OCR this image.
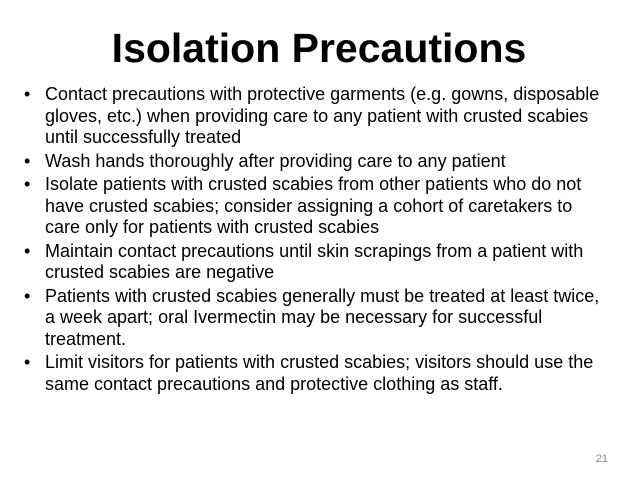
Isolation Precautions
• Contact precautions with protective garments (e.g. gowns, disposable gloves, etc.) when providing care to any patient with crusted scabies until successfully treated
• Wash hands thoroughly after providing care to any patient
• Isolate patients with crusted scabies from other patients who do not have crusted scabies; consider assigning a cohort of caretakers to care only for patients with crusted scabies
• Maintain contact precautions until skin scrapings from a patient with crusted scabies are negative
• Patients with crusted scabies generally must be treated at least twice, a week apart; oral Ivermectin may be necessary for successful treatment.
• Limit visitors for patients with crusted scabies; visitors should use the same contact precautions and protective clothing as staff.
21
